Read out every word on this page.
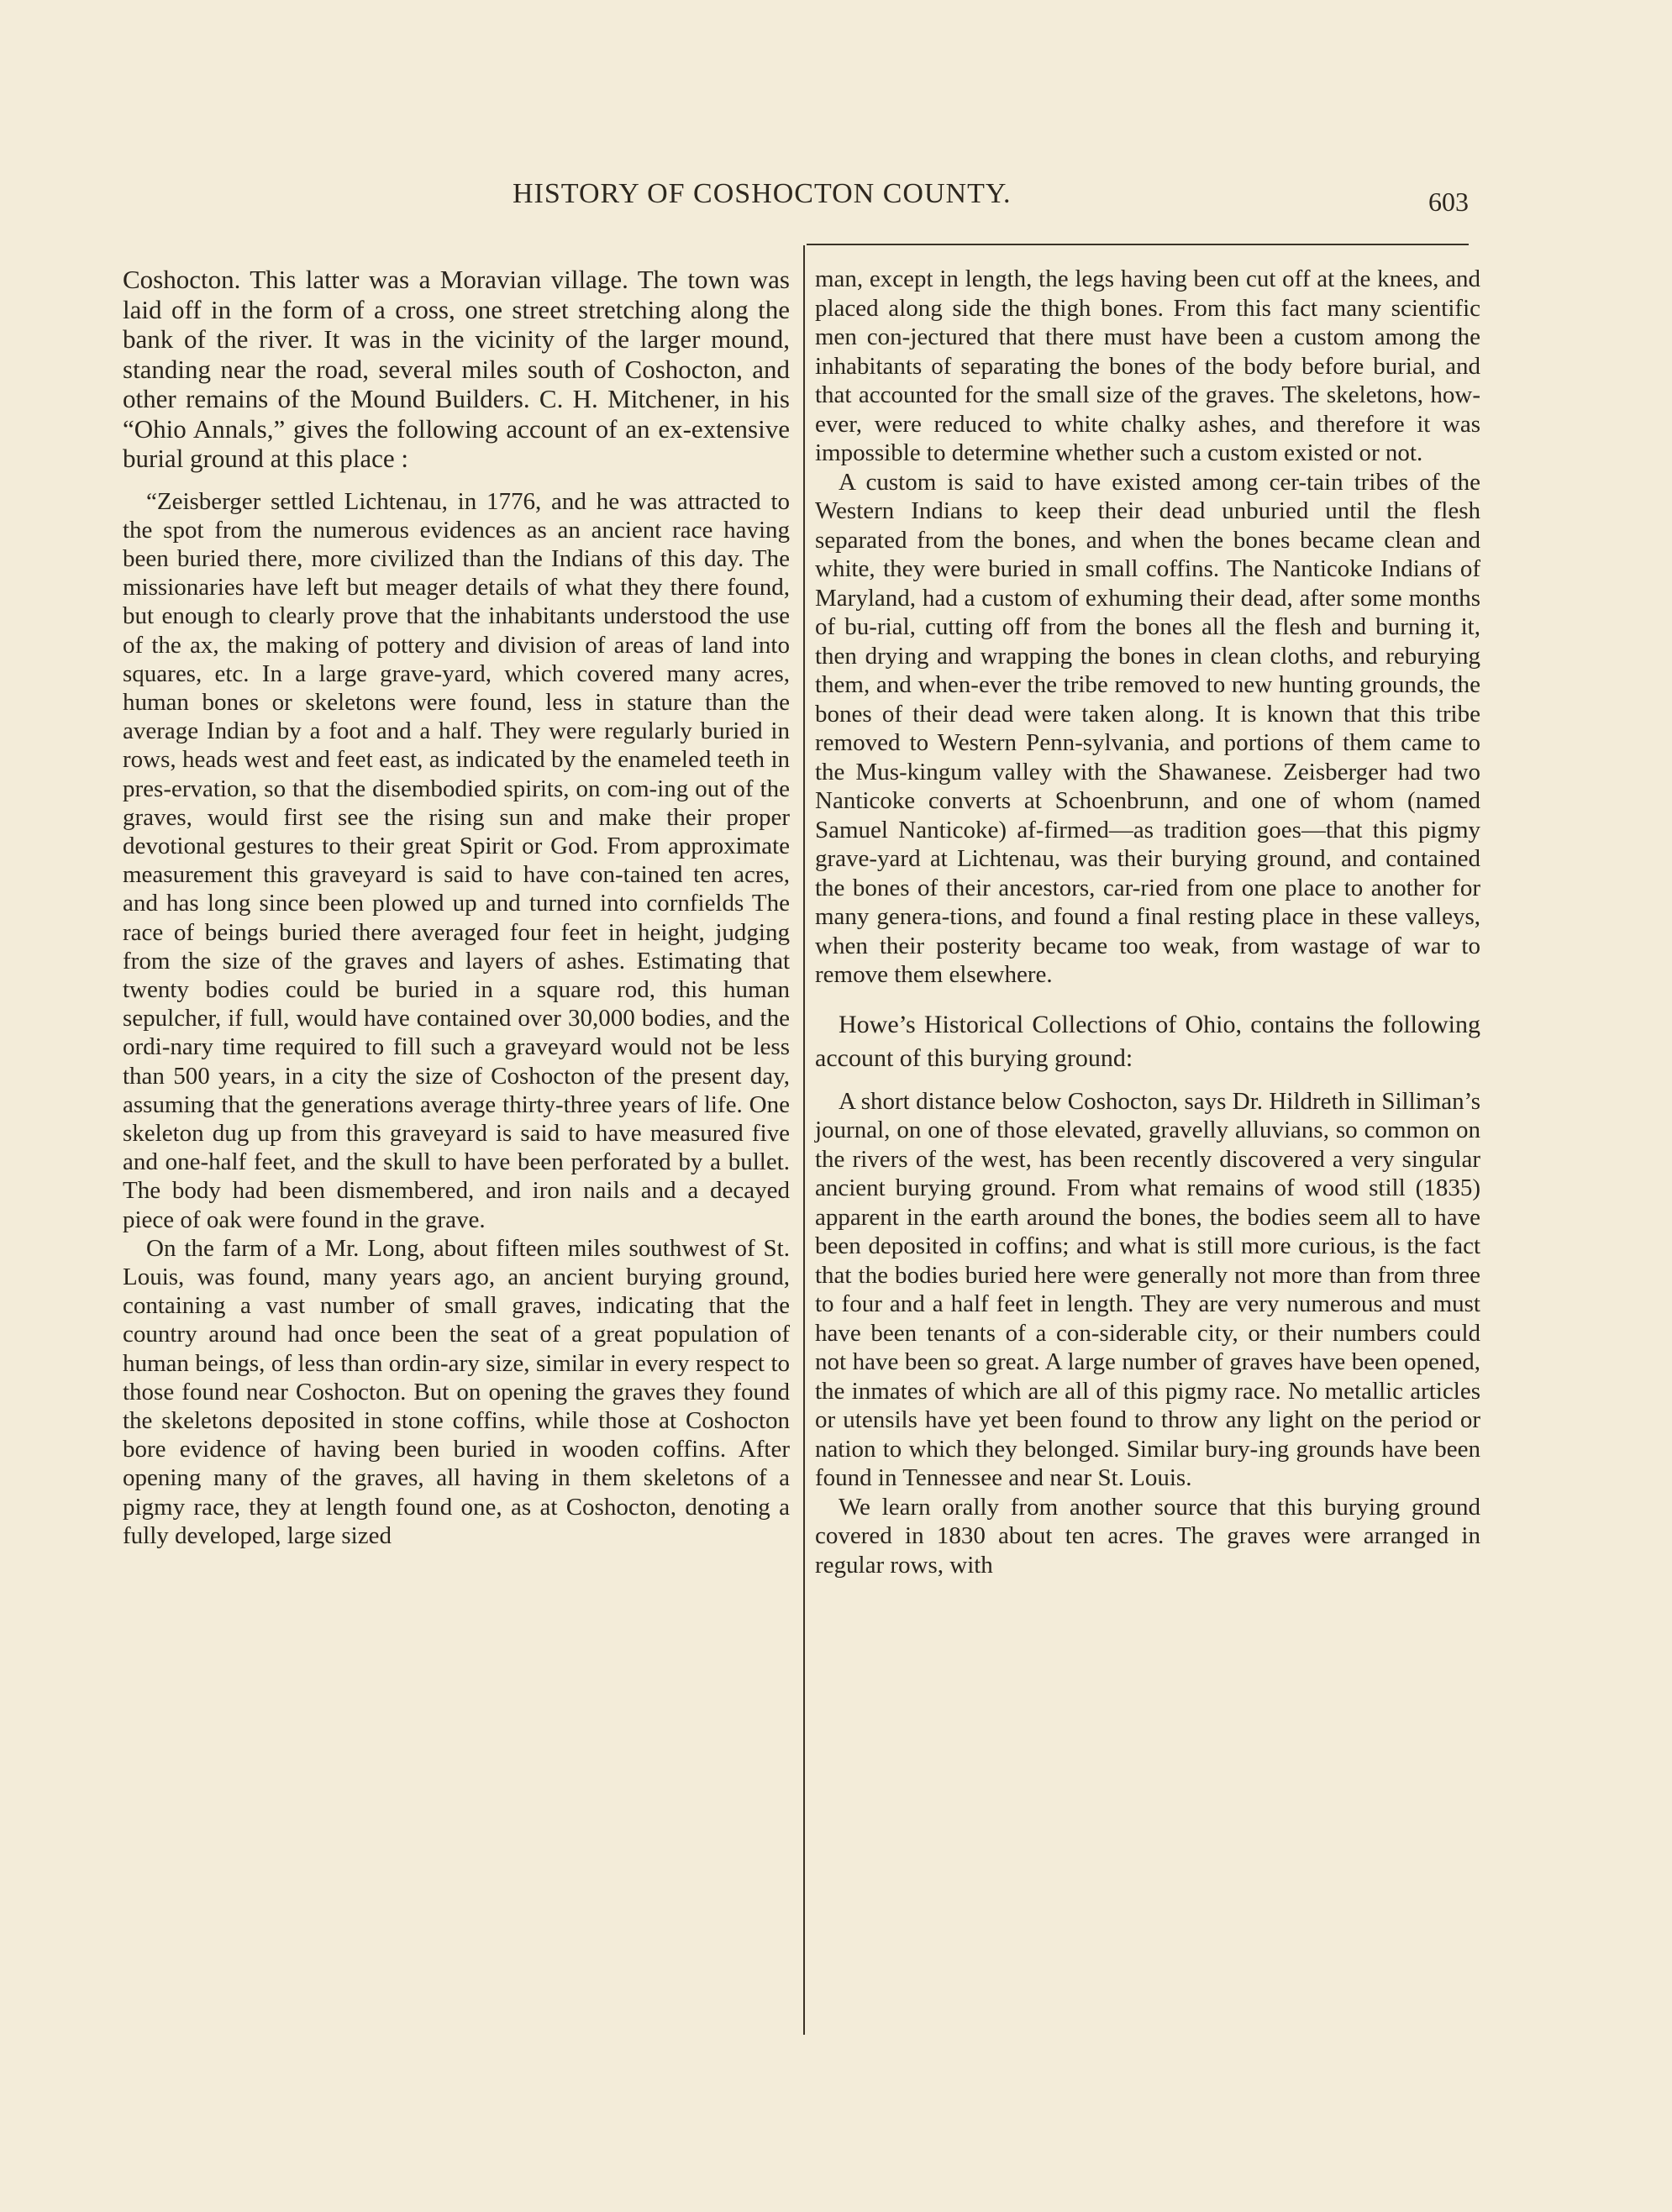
HISTORY OF COSHOCTON COUNTY.	603

Coshocton. This latter was a Moravian village. The town was laid off in the form of a cross, one street stretching along the bank of the river. It was in the vicinity of the larger mound, standing near the road, several miles south of Coshocton, and other remains of the Mound Builders. C. H. Mitchener, in his “Ohio Annals,” gives the following account of an ex-extensive burial ground at this place :

“Zeisberger settled Lichtenau, in 1776, and he was attracted to the spot from the numerous evidences as an ancient race having been buried there, more civilized than the Indians of this day. The missionaries have left but meager details of what they there found, but enough to clearly prove that the inhabitants understood the use of the ax, the making of pottery and division of areas of land into squares, etc. In a large grave-yard, which covered many acres, human bones or skeletons were found, less in stature than the average Indian by a foot and a half. They were regularly buried in rows, heads west and feet east, as indicated by the enameled teeth in pres-ervation, so that the disembodied spirits, on com-ing out of the graves, would first see the rising sun and make their proper devotional gestures to their great Spirit or God. From approximate measurement this graveyard is said to have con-tained ten acres, and has long since been plowed up and turned into cornfields The race of beings buried there averaged four feet in height, judging from the size of the graves and layers of ashes. Estimating that twenty bodies could be buried in a square rod, this human sepulcher, if full, would have contained over 30,000 bodies, and the ordi-nary time required to fill such a graveyard would not be less than 500 years, in a city the size of Coshocton of the present day, assuming that the generations average thirty-three years of life. One skeleton dug up from this graveyard is said to have measured five and one-half feet, and the skull to have been perforated by a bullet. The body had been dismembered, and iron nails and a decayed piece of oak were found in the grave.

On the farm of a Mr. Long, about fifteen miles southwest of St. Louis, was found, many years ago, an ancient burying ground, containing a vast number of small graves, indicating that the country around had once been the seat of a great population of human beings, of less than ordin-ary size, similar in every respect to those found near Coshocton. But on opening the graves they found the skeletons deposited in stone coffins, while those at Coshocton bore evidence of having been buried in wooden coffins. After opening many of the graves, all having in them skeletons of a pigmy race, they at length found one, as at Coshocton, denoting a fully developed, large sized

man, except in length, the legs having been cut off at the knees, and placed along side the thigh bones. From this fact many scientific men con-jectured that there must have been a custom among the inhabitants of separating the bones of the body before burial, and that accounted for the small size of the graves. The skeletons, how-ever, were reduced to white chalky ashes, and therefore it was impossible to determine whether such a custom existed or not.

A custom is said to have existed among cer-tain tribes of the Western Indians to keep their dead unburied until the flesh separated from the bones, and when the bones became clean and white, they were buried in small coffins. The Nanticoke Indians of Maryland, had a custom of exhuming their dead, after some months of bu-rial, cutting off from the bones all the flesh and burning it, then drying and wrapping the bones in clean cloths, and reburying them, and when-ever the tribe removed to new hunting grounds, the bones of their dead were taken along. It is known that this tribe removed to Western Penn-sylvania, and portions of them came to the Mus-kingum valley with the Shawanese. Zeisberger had two Nanticoke converts at Schoenbrunn, and one of whom (named Samuel Nanticoke) af-firmed—as tradition goes—that this pigmy grave-yard at Lichtenau, was their burying ground, and contained the bones of their ancestors, car-ried from one place to another for many genera-tions, and found a final resting place in these valleys, when their posterity became too weak, from wastage of war to remove them elsewhere.

Howe’s Historical Collections of Ohio, contains the following account of this burying ground:

A short distance below Coshocton, says Dr. Hildreth in Silliman’s journal, on one of those elevated, gravelly alluvians, so common on the rivers of the west, has been recently discovered a very singular ancient burying ground. From what remains of wood still (1835) apparent in the earth around the bones, the bodies seem all to have been deposited in coffins; and what is still more curious, is the fact that the bodies buried here were generally not more than from three to four and a half feet in length. They are very numerous and must have been tenants of a con-siderable city, or their numbers could not have been so great. A large number of graves have been opened, the inmates of which are all of this pigmy race. No metallic articles or utensils have yet been found to throw any light on the period or nation to which they belonged. Similar bury-ing grounds have been found in Tennessee and near St. Louis.

We learn orally from another source that this burying ground covered in 1830 about ten acres. The graves were arranged in regular rows, with
